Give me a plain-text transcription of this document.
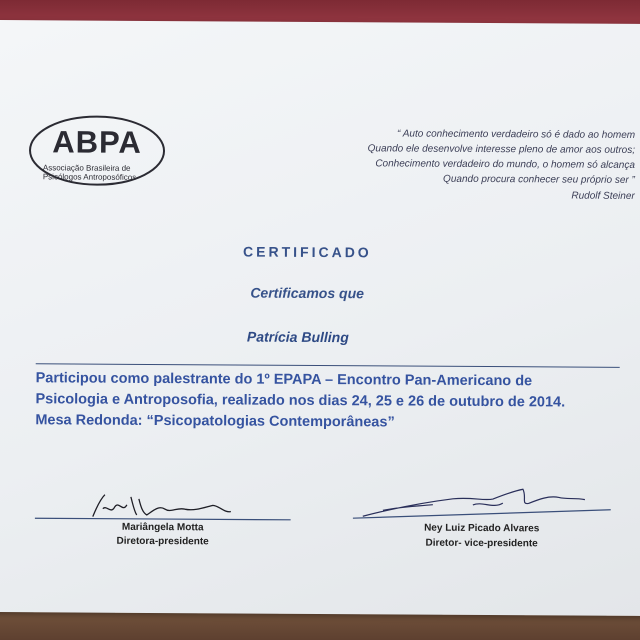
ABPA
Associação Brasileira de
Psicólogos Antroposóficos
“ Auto conhecimento verdadeiro só é dado ao homem
Quando ele desenvolve interesse pleno de amor aos outros;
Conhecimento verdadeiro do mundo, o homem só alcança
Quando procura conhecer seu próprio ser ”
Rudolf Steiner
CERTIFICADO
Certificamos que
Patrícia Bulling
Participou como palestrante do 1º EPAPA – Encontro Pan-Americano de
Psicologia e Antroposofia, realizado nos dias 24, 25 e 26 de outubro de 2014.
Mesa Redonda: “Psicopatologias Contemporâneas”
Mariângela Motta
Diretora-presidente
Ney Luiz Picado Alvares
Diretor- vice-presidente
